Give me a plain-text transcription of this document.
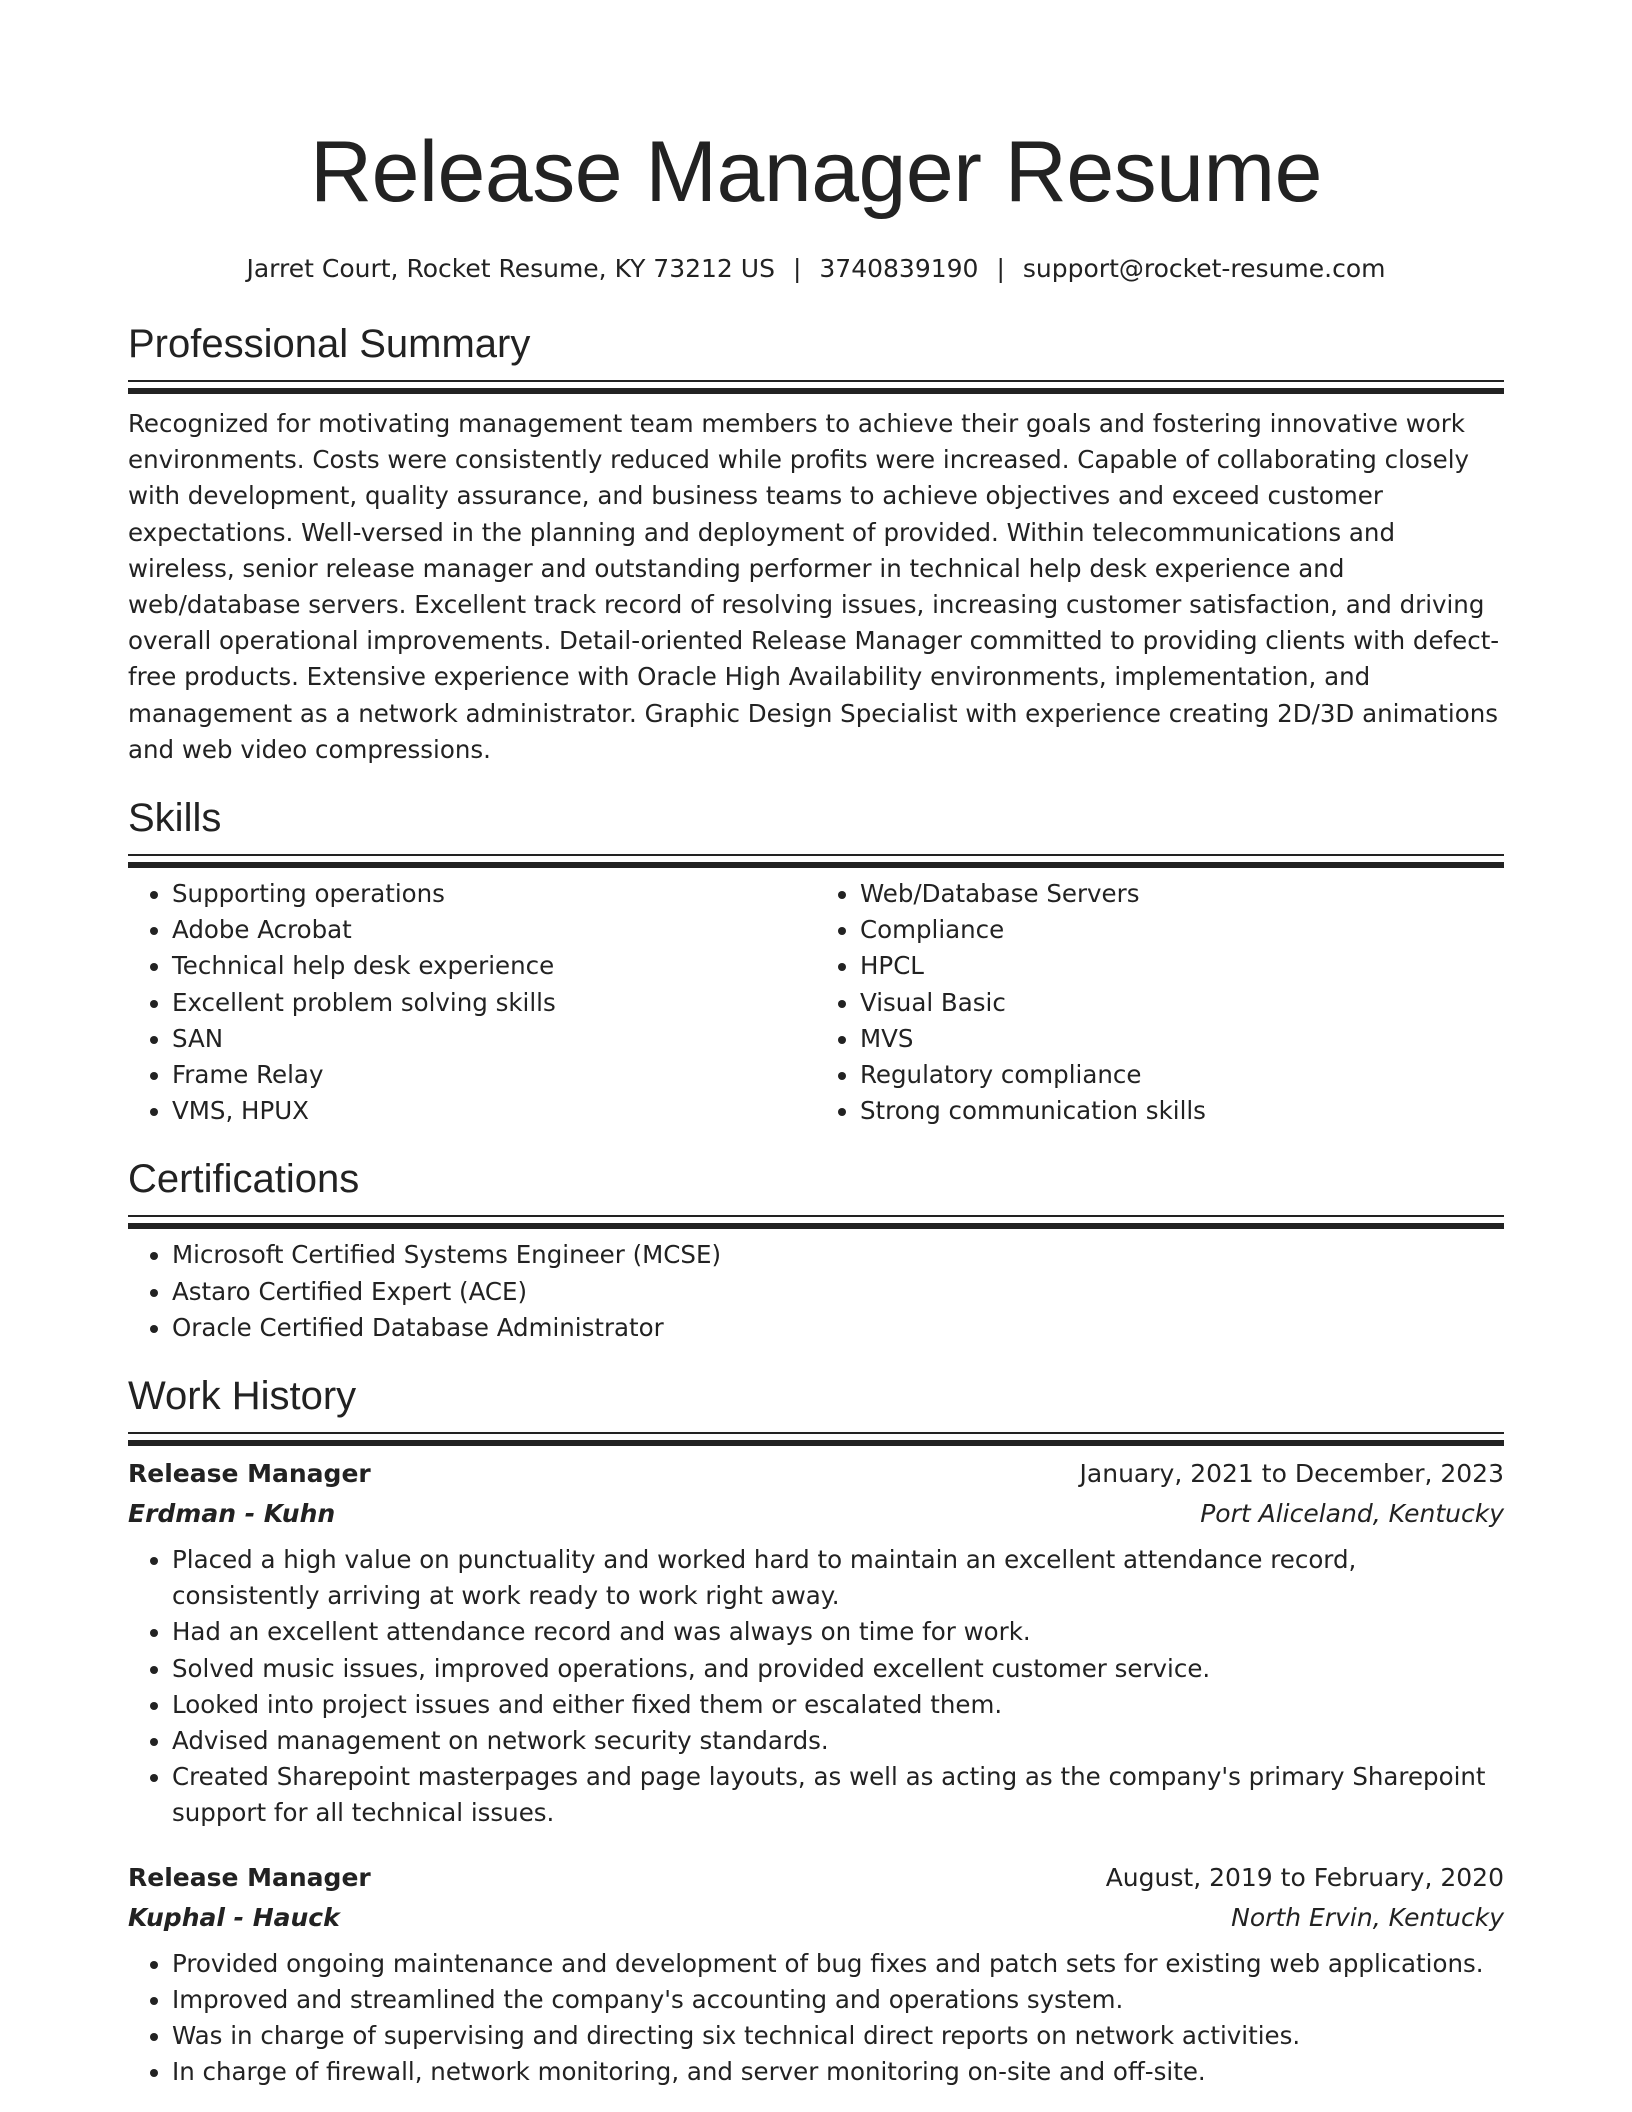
Release Manager Resume
Jarret Court, Rocket Resume, KY 73212 US | 3740839190 | support@rocket-resume.com
Professional Summary

Recognized for motivating management team members to achieve their goals and fostering innovative work environments. Costs were consistently reduced while profits were increased. Capable of collaborating closely with development, quality assurance, and business teams to achieve objectives and exceed customer expectations. Well-versed in the planning and deployment of provided. Within telecommunications and wireless, senior release manager and outstanding performer in technical help desk experience and web/database servers. Excellent track record of resolving issues, increasing customer satisfaction, and driving overall operational improvements. Detail-oriented Release Manager committed to providing clients with defect-free products. Extensive experience with Oracle High Availability environments, implementation, and management as a network administrator. Graphic Design Specialist with experience creating 2D/3D animations and web video compressions.

Skills
• Supporting operations
• Adobe Acrobat
• Technical help desk experience
• Excellent problem solving skills
• SAN
• Frame Relay
• VMS, HPUX
• Web/Database Servers
• Compliance
• HPCL
• Visual Basic
• MVS
• Regulatory compliance
• Strong communication skills
Certifications
• Microsoft Certified Systems Engineer (MCSE)
• Astaro Certified Expert (ACE)
• Oracle Certified Database Administrator
Work History
Release Manager	January, 2021 to December, 2023
Erdman - Kuhn	Port Aliceland, Kentucky
• Placed a high value on punctuality and worked hard to maintain an excellent attendance record, consistently arriving at work ready to work right away.
• Had an excellent attendance record and was always on time for work.
• Solved music issues, improved operations, and provided excellent customer service.
• Looked into project issues and either fixed them or escalated them.
• Advised management on network security standards.
• Created Sharepoint masterpages and page layouts, as well as acting as the company's primary Sharepoint support for all technical issues.
Release Manager	August, 2019 to February, 2020
Kuphal - Hauck	North Ervin, Kentucky
• Provided ongoing maintenance and development of bug fixes and patch sets for existing web applications.
• Improved and streamlined the company's accounting and operations system.
• Was in charge of supervising and directing six technical direct reports on network activities.
• In charge of firewall, network monitoring, and server monitoring on-site and off-site.
